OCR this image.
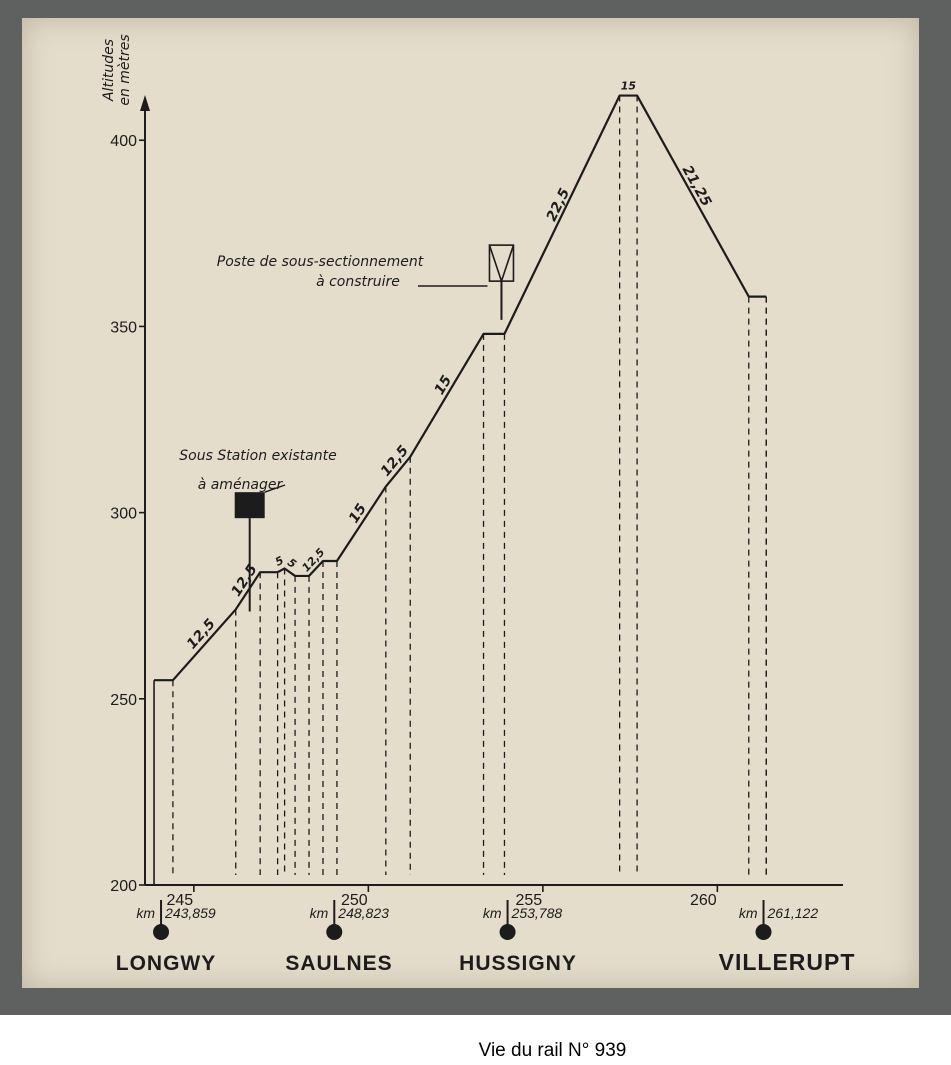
200
250
300
350
400
245	250	255	260
Altitudes en mètres
12,5
12,5
5 5 12,5
15
12,5
15
22,5
15
21,25
Sous Station existante
à aménager
Poste de sous-sectionnement
à construire
km 243,859
LONGWY
km 248,823
SAULNES
km 253,788
HUSSIGNY
km 261,122
VILLERUPT
Vie du rail N° 939
